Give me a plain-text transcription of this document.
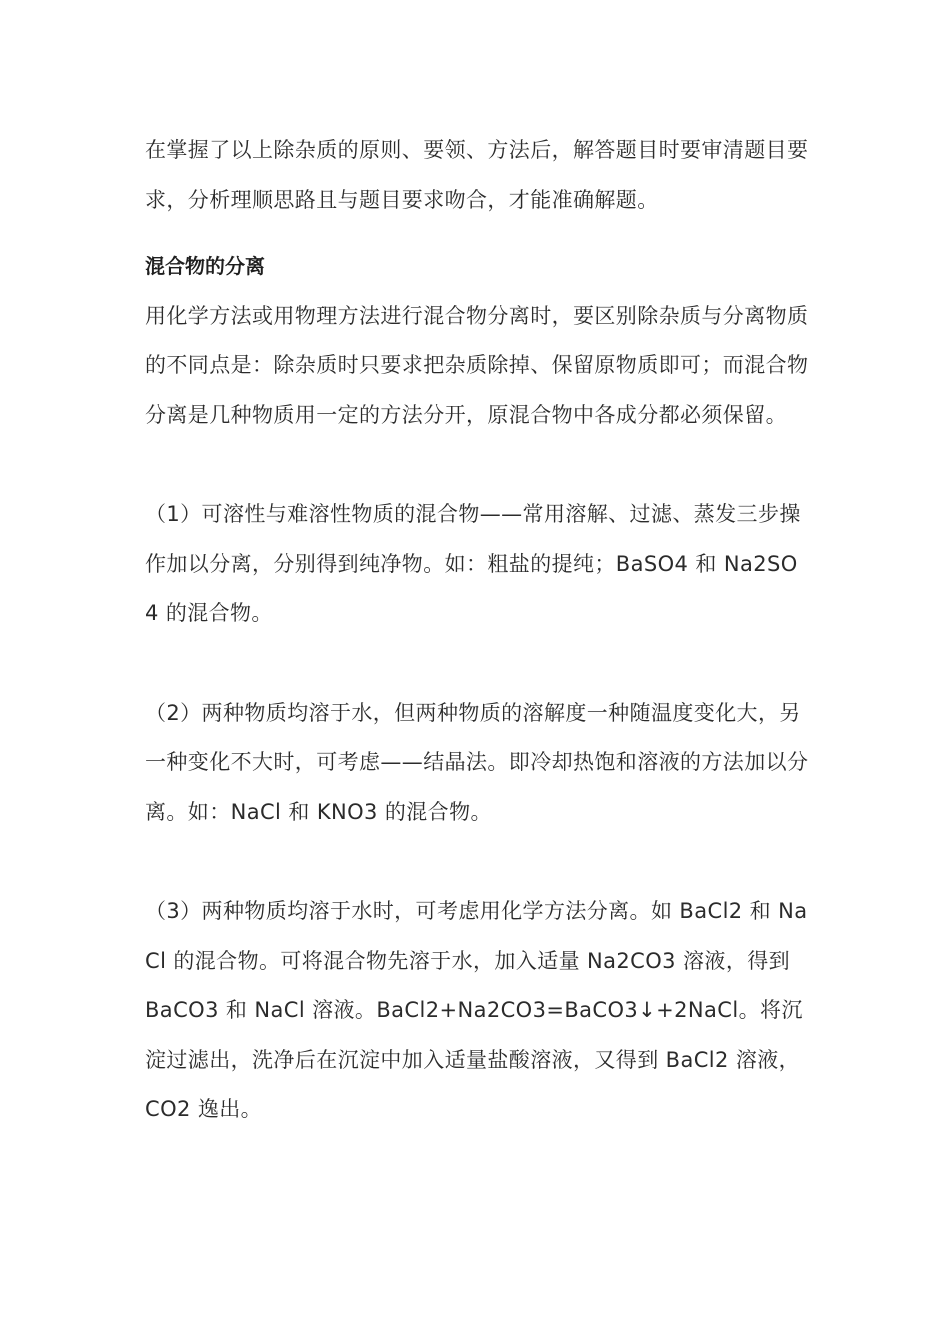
在掌握了以上除杂质的原则、要领、方法后，解答题目时要审清题目要求，分析理顺思路且与题目要求吻合，才能准确解题。

混合物的分离

用化学方法或用物理方法进行混合物分离时，要区别除杂质与分离物质的不同点是：除杂质时只要求把杂质除掉、保留原物质即可；而混合物分离是几种物质用一定的方法分开，原混合物中各成分都必须保留。

（1）可溶性与难溶性物质的混合物——常用溶解、过滤、蒸发三步操作加以分离，分别得到纯净物。如：粗盐的提纯；BaSO4 和 Na2SO4 的混合物。

（2）两种物质均溶于水，但两种物质的溶解度一种随温度变化大，另一种变化不大时，可考虑——结晶法。即冷却热饱和溶液的方法加以分离。如：NaCl 和 KNO3 的混合物。

（3）两种物质均溶于水时，可考虑用化学方法分离。如 BaCl2 和 NaCl 的混合物。可将混合物先溶于水，加入适量 Na2CO3 溶液，得到 BaCO3 和 NaCl 溶液。BaCl2+Na2CO3=BaCO3↓+2NaCl。将沉淀过滤出，洗净后在沉淀中加入适量盐酸溶液，又得到 BaCl2 溶液，CO2 逸出。
